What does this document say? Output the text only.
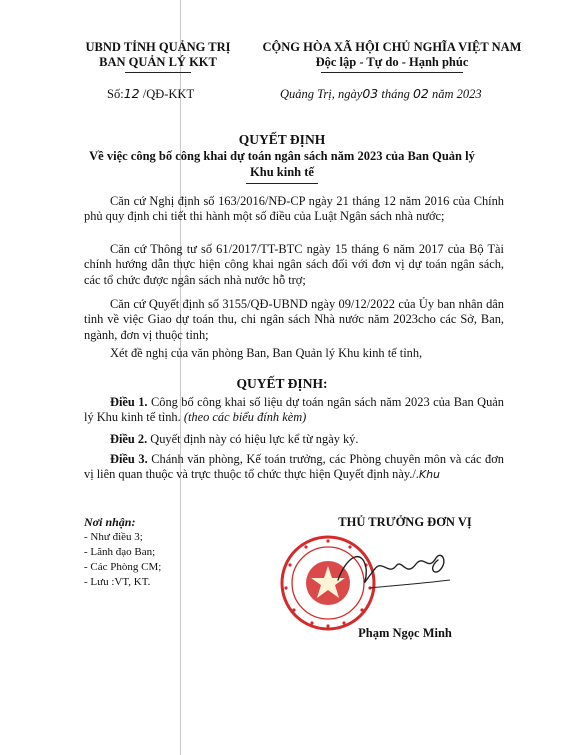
UBND TỈNH QUẢNG TRỊ
BAN QUẢN LÝ KKT
CỘNG HÒA XÃ HỘI CHỦ NGHĨA VIỆT NAM
Độc lập - Tự do - Hạnh phúc
Số:12 /QĐ-KKT	Quảng Trị, ngày03 tháng 02 năm 2023
QUYẾT ĐỊNH
Về việc công bố công khai dự toán ngân sách năm 2023 của Ban Quản lý
Khu kinh tế
Căn cứ Nghị định số 163/2016/NĐ-CP ngày 21 tháng 12 năm 2016 của Chính phủ quy định chi tiết thi hành một số điều của Luật Ngân sách nhà nước;
Căn cứ Thông tư số 61/2017/TT-BTC ngày 15 tháng 6 năm 2017 của Bộ Tài chính hướng dẫn thực hiện công khai ngân sách đối với đơn vị dự toán ngân sách, các tổ chức được ngân sách nhà nước hỗ trợ;
Căn cứ Quyết định số 3155/QĐ-UBND ngày 09/12/2022 của Ủy ban nhân dân tỉnh về việc Giao dự toán thu, chi ngân sách Nhà nước năm 2023cho các Sở, Ban, ngành, đơn vị thuộc tỉnh;
Xét đề nghị của văn phòng Ban, Ban Quản lý Khu kinh tế tỉnh,
QUYẾT ĐỊNH:
Điều 1. Công bố công khai số liệu dự toán ngân sách năm 2023 của Ban Quản lý Khu kinh tế tỉnh. (theo các biểu đính kèm)
Điều 2. Quyết định này có hiệu lực kể từ ngày ký.
Điều 3. Chánh văn phòng, Kế toán trưởng, các Phòng chuyên môn và các đơn vị liên quan thuộc và trực thuộc tổ chức thực hiện Quyết định này./.Khu
Nơi nhận:
- Như điều 3;
- Lãnh đạo Ban;
- Các Phòng CM;
- Lưu :VT, KT.
THỦ TRƯỞNG ĐƠN VỊ
Phạm Ngọc Minh
